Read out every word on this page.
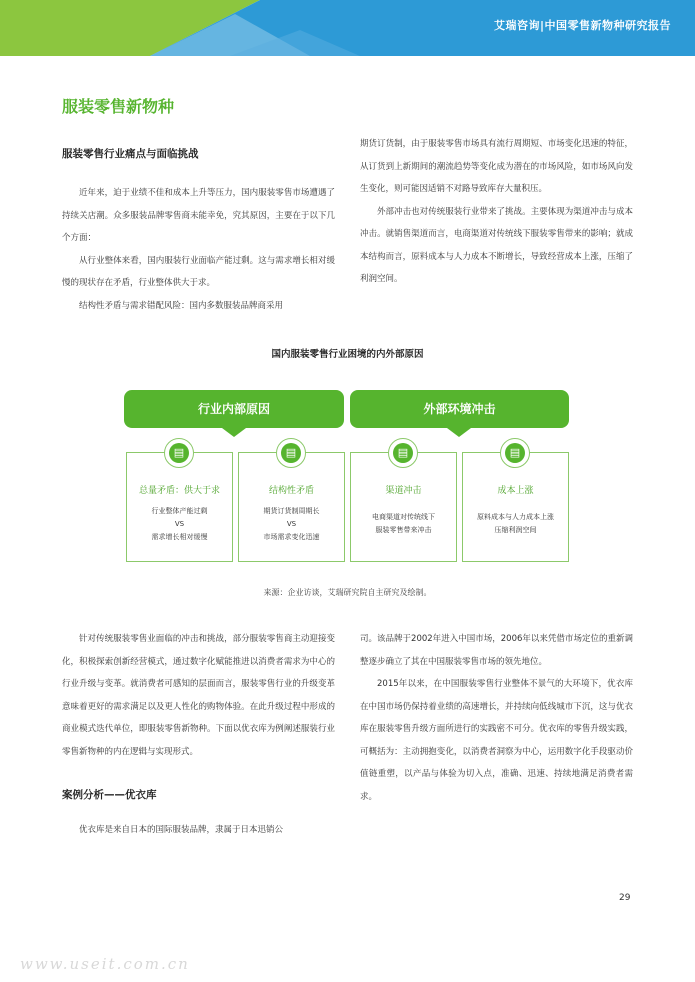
艾瑞咨询|中国零售新物种研究报告
服装零售新物种
服装零售行业痛点与面临挑战

近年来，迫于业绩不佳和成本上升等压力，国内服装零售市场遭遇了持续关店潮。众多服装品牌零售商未能幸免，究其原因，主要在于以下几个方面：

从行业整体来看，国内服装行业面临产能过剩。这与需求增长相对缓慢的现状存在矛盾，行业整体供大于求。

结构性矛盾与需求错配风险：国内多数服装品牌商采用

期货订货制，由于服装零售市场具有流行周期短、市场变化迅速的特征，从订货到上新期间的潮流趋势等变化成为潜在的市场风险，如市场风向发生变化，则可能因适销不对路导致库存大量积压。

外部冲击也对传统服装行业带来了挑战。主要体现为渠道冲击与成本冲击。就销售渠道而言，电商渠道对传统线下服装零售带来的影响；就成本结构而言，原料成本与人力成本不断增长，导致经营成本上涨，压缩了利润空间。

国内服装零售行业困境的内外部原因
行业内部原因	外部环境冲击
总量矛盾：供大于求
行业整体产能过剩
VS
需求增长相对缓慢
结构性矛盾
期货订货制周期长
VS
市场需求变化迅速
渠道冲击
电商渠道对传统线下
服装零售带来冲击
成本上涨
原料成本与人力成本上涨
压缩利润空间
▤	▤	▤	▤
来源：企业访谈，艾瑞研究院自主研究及绘制。

针对传统服装零售业面临的冲击和挑战，部分服装零售商主动迎接变化，积极探索创新经营模式，通过数字化赋能推进以消费者需求为中心的行业升级与变革。就消费者可感知的层面而言，服装零售行业的升级变革意味着更好的需求满足以及更人性化的购物体验。在此升级过程中形成的商业模式迭代单位，即服装零售新物种。下面以优衣库为例阐述服装行业零售新物种的内在逻辑与实现形式。

案例分析——优衣库

优衣库是来自日本的国际服装品牌，隶属于日本迅销公

司。该品牌于2002年进入中国市场，2006年以来凭借市场定位的重新调整逐步确立了其在中国服装零售市场的领先地位。

2015年以来，在中国服装零售行业整体不景气的大环境下，优衣库在中国市场仍保持着业绩的高速增长，并持续向低线城市下沉，这与优衣库在服装零售升级方面所进行的实践密不可分。优衣库的零售升级实践，可概括为：主动拥抱变化，以消费者洞察为中心，运用数字化手段驱动价值链重塑，以产品与体验为切入点，准确、迅速、持续地满足消费者需求。

29
www.useit.com.cn
